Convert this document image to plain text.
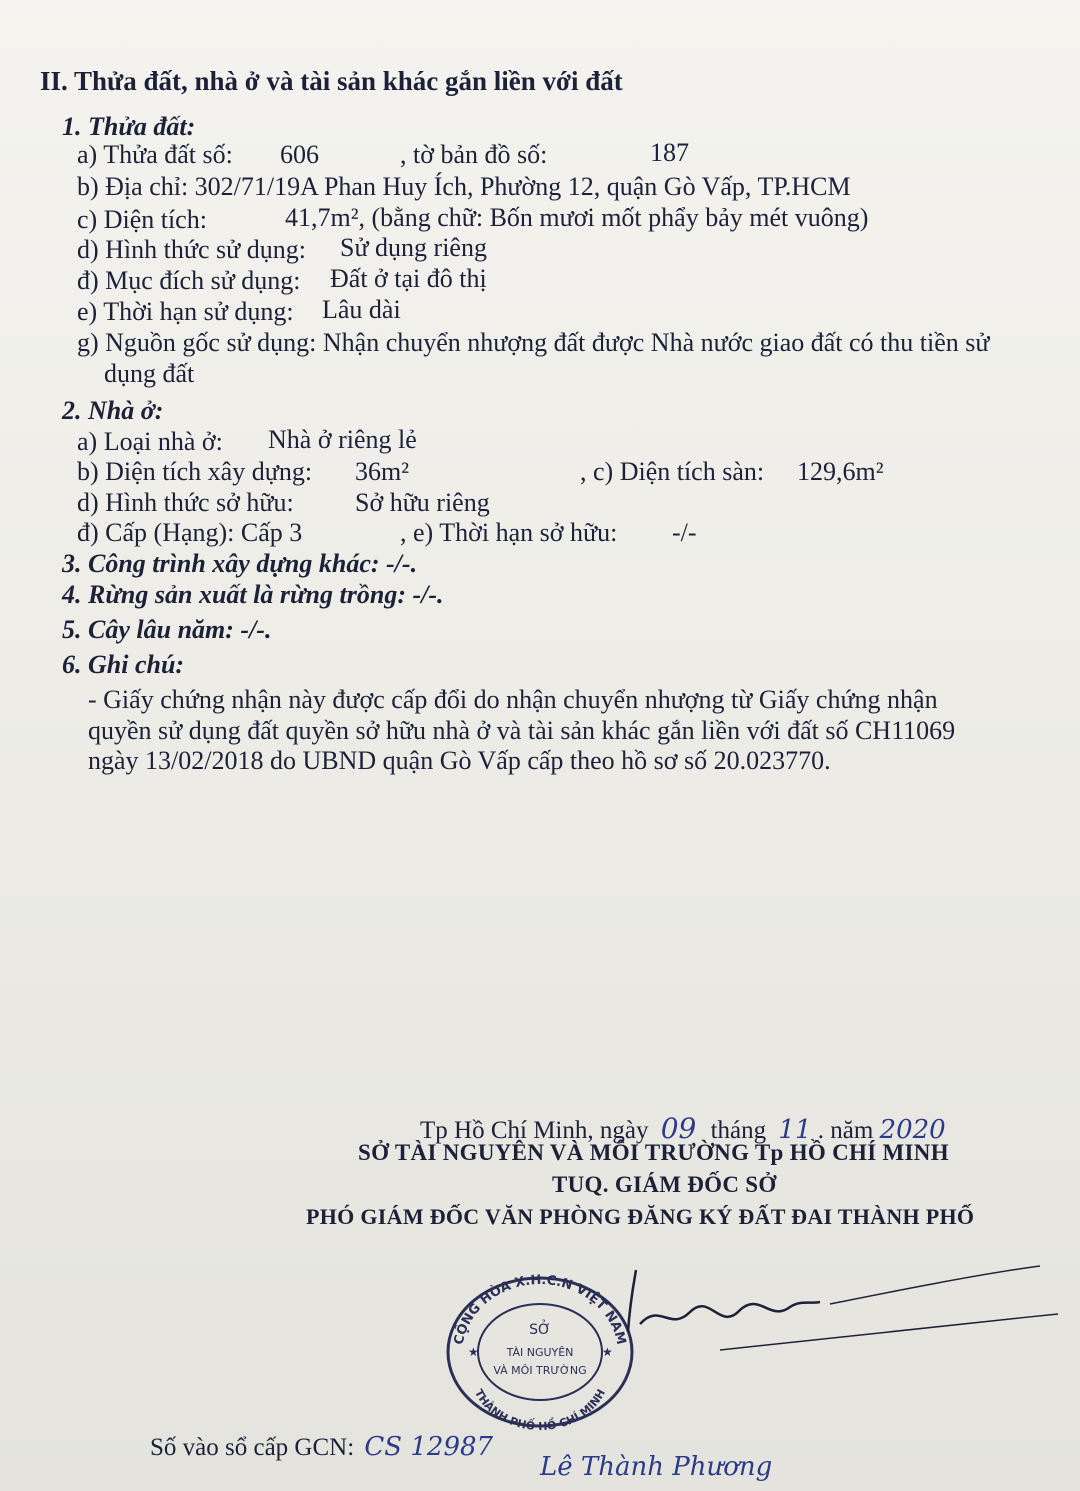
II. Thửa đất, nhà ở và tài sản khác gắn liền với đất
1. Thửa đất:
a) Thửa đất số: 606	, tờ bản đồ số:	187
b) Địa chỉ: 302/71/19A Phan Huy Ích, Phường 12, quận Gò Vấp, TP.HCM
c) Diện tích:	41,7m², (bằng chữ: Bốn mươi mốt phẩy bảy mét vuông)
d) Hình thức sử dụng: Sử dụng riêng
đ) Mục đích sử dụng: Đất ở tại đô thị
e) Thời hạn sử dụng: Lâu dài
g) Nguồn gốc sử dụng: Nhận chuyển nhượng đất được Nhà nước giao đất có thu tiền sử
dụng đất
2. Nhà ở:
a) Loại nhà ở: Nhà ở riêng lẻ
b) Diện tích xây dựng: 36m²	, c) Diện tích sàn: 129,6m²
d) Hình thức sở hữu: Sở hữu riêng
đ) Cấp (Hạng): Cấp 3	, e) Thời hạn sở hữu: -/-
3. Công trình xây dựng khác: -/-.
4. Rừng sản xuất là rừng trồng: -/-.
5. Cây lâu năm: -/-.
6. Ghi chú:
- Giấy chứng nhận này được cấp đổi do nhận chuyển nhượng từ Giấy chứng nhận
quyền sử dụng đất quyền sở hữu nhà ở và tài sản khác gắn liền với đất số CH11069
ngày 13/02/2018 do UBND quận Gò Vấp cấp theo hồ sơ số 20.023770.
Tp Hồ Chí Minh, ngày 09 tháng 11 . năm 2020
SỞ TÀI NGUYÊN VÀ MÔI TRƯỜNG Tp HỒ CHÍ MINH
TUQ. GIÁM ĐỐC SỞ
PHÓ GIÁM ĐỐC VĂN PHÒNG ĐĂNG KÝ ĐẤT ĐAI THÀNH PHỐ
CỘNG HÒA X.H.C.N VIỆT NAM
THÀNH PHỐ HỒ CHÍ MINH
SỞ
TÀI NGUYÊN
VÀ MÔI TRƯỜNG
★	★
Số vào sổ cấp GCN: CS 12987
Lê Thành Phương
